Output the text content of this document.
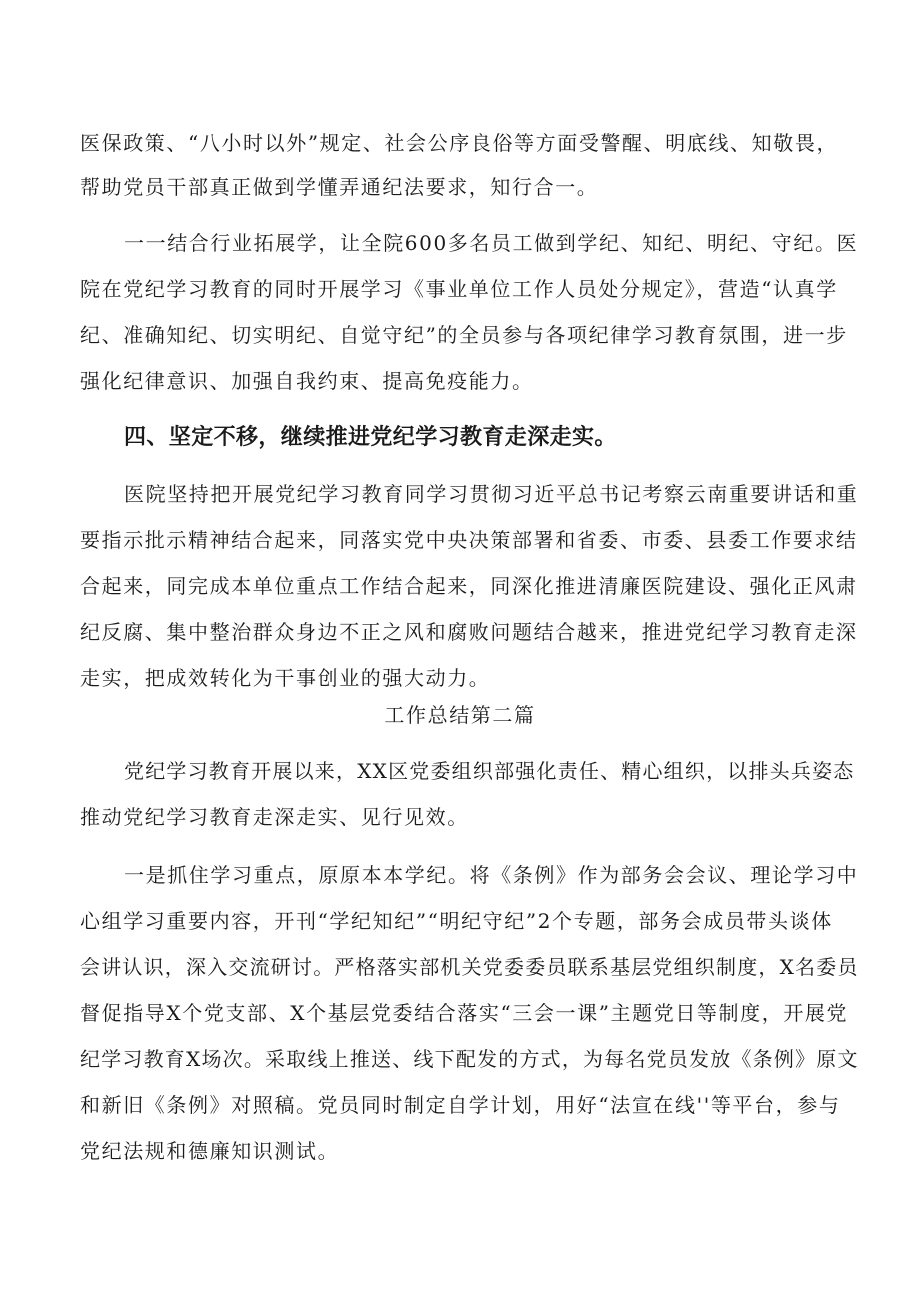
医保政策、“八小时以外”规定、社会公序良俗等方面受警醒、明底线、知敬畏，
帮助党员干部真正做到学懂弄通纪法要求，知行合一。
一一结合行业拓展学，让全院600多名员工做到学纪、知纪、明纪、守纪。医
院在党纪学习教育的同时开展学习《事业单位工作人员处分规定》，营造“认真学
纪、准确知纪、切实明纪、自觉守纪”的全员参与各项纪律学习教育氛围，进一步
强化纪律意识、加强自我约束、提高免疫能力。
四、坚定不移，继续推进党纪学习教育走深走实。
医院坚持把开展党纪学习教育同学习贯彻习近平总书记考察云南重要讲话和重
要指示批示精神结合起来，同落实党中央决策部署和省委、市委、县委工作要求结
合起来，同完成本单位重点工作结合起来，同深化推进清廉医院建设、强化正风肃
纪反腐、集中整治群众身边不正之风和腐败问题结合越来，推进党纪学习教育走深
走实，把成效转化为干事创业的强大动力。
工作总结第二篇
党纪学习教育开展以来，XX区党委组织部强化责任、精心组织，以排头兵姿态
推动党纪学习教育走深走实、见行见效。
一是抓住学习重点，原原本本学纪。将《条例》作为部务会会议、理论学习中
心组学习重要内容，开刊“学纪知纪”“明纪守纪”2个专题，部务会成员带头谈体
会讲认识，深入交流研讨。严格落实部机关党委委员联系基层党组织制度，X名委员
督促指导X个党支部、X个基层党委结合落实“三会一课”主题党日等制度，开展党
纪学习教育X场次。采取线上推送、线下配发的方式，为每名党员发放《条例》原文
和新旧《条例》对照稿。党员同时制定自学计划，用好“法宣在线''等平台，参与
党纪法规和德廉知识测试。
